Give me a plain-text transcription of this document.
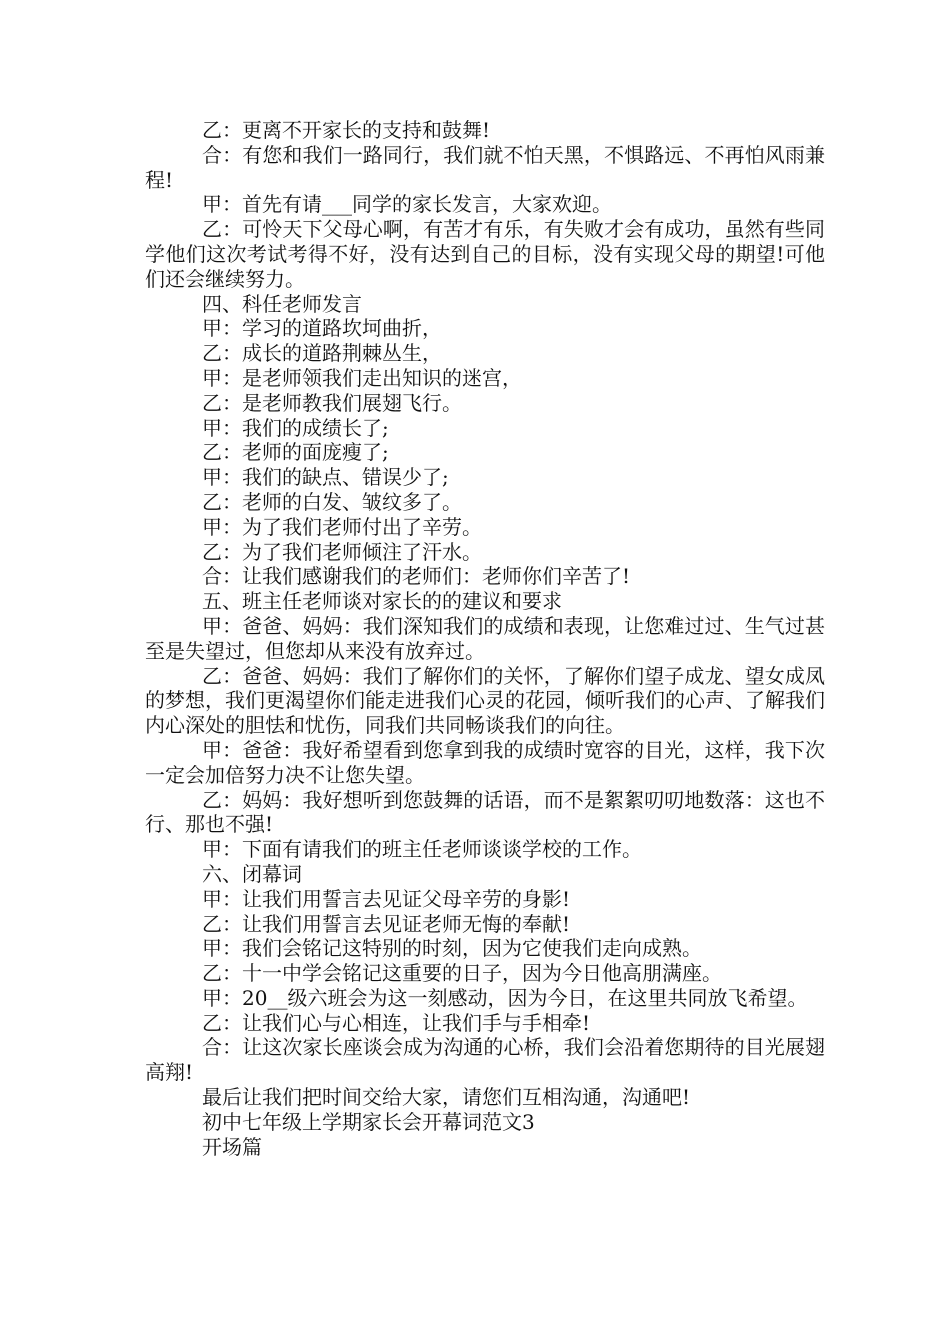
乙：更离不开家长的支持和鼓舞!

合：有您和我们一路同行，我们就不怕天黑，不惧路远、不再怕风雨兼程!

甲：首先有请___同学的家长发言，大家欢迎。

乙：可怜天下父母心啊，有苦才有乐，有失败才会有成功，虽然有些同学他们这次考试考得不好，没有达到自己的目标，没有实现父母的期望!可他们还会继续努力。

四、科任老师发言

甲：学习的道路坎坷曲折，

乙：成长的道路荆棘丛生，

甲：是老师领我们走出知识的迷宫，

乙：是老师教我们展翅飞行。

甲：我们的成绩长了;

乙：老师的面庞瘦了;

甲：我们的缺点、错误少了;

乙：老师的白发、皱纹多了。

甲：为了我们老师付出了辛劳。

乙：为了我们老师倾注了汗水。

合：让我们感谢我们的老师们：老师你们辛苦了!

五、班主任老师谈对家长的的建议和要求

甲：爸爸、妈妈：我们深知我们的成绩和表现，让您难过过、生气过甚至是失望过，但您却从来没有放弃过。

乙：爸爸、妈妈：我们了解你们的关怀，了解你们望子成龙、望女成凤的梦想，我们更渴望你们能走进我们心灵的花园，倾听我们的心声、了解我们内心深处的胆怯和忧伤，同我们共同畅谈我们的向往。

甲：爸爸：我好希望看到您拿到我的成绩时宽容的目光，这样，我下次一定会加倍努力决不让您失望。

乙：妈妈：我好想听到您鼓舞的话语，而不是絮絮叨叨地数落：这也不行、那也不强!

甲：下面有请我们的班主任老师谈谈学校的工作。

六、闭幕词

甲：让我们用誓言去见证父母辛劳的身影!

乙：让我们用誓言去见证老师无悔的奉献!

甲：我们会铭记这特别的时刻，因为它使我们走向成熟。

乙：十一中学会铭记这重要的日子，因为今日他高朋满座。

甲：20__级六班会为这一刻感动，因为今日，在这里共同放飞希望。

乙：让我们心与心相连，让我们手与手相牵!

合：让这次家长座谈会成为沟通的心桥，我们会沿着您期待的目光展翅高翔!

最后让我们把时间交给大家，请您们互相沟通，沟通吧!

初中七年级上学期家长会开幕词范文3

开场篇
